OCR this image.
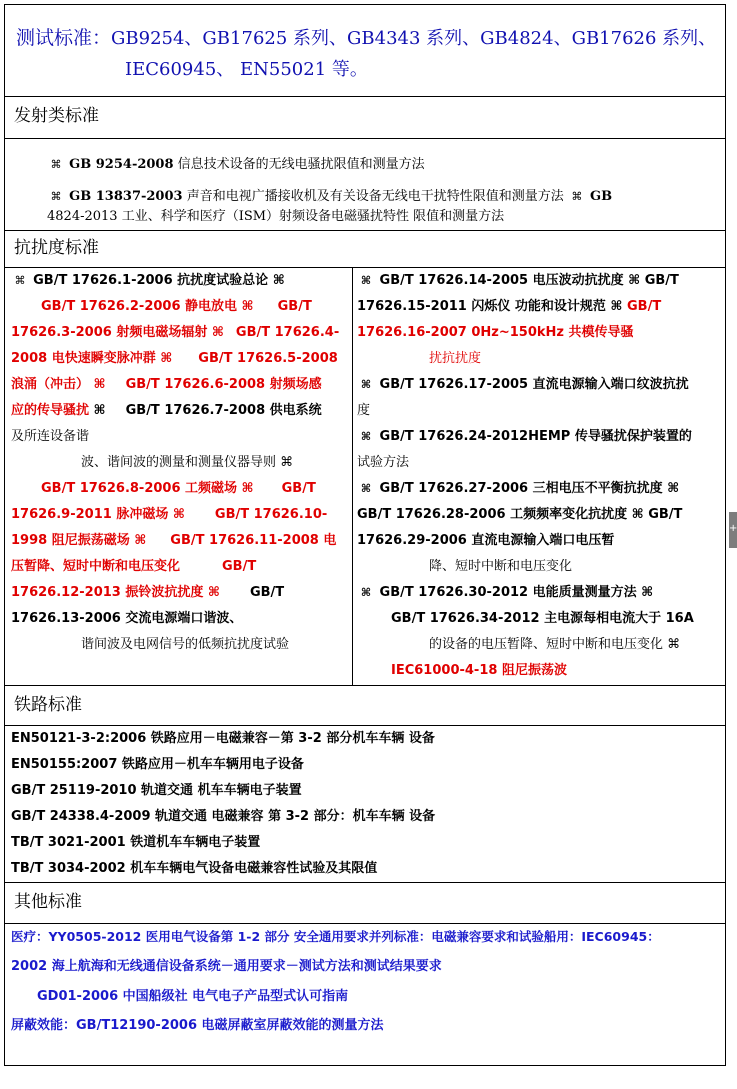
测试标准：GB9254、GB17625 系列、GB4343 系列、GB4824、GB17626 系列、
IEC60945、 EN55021 等。
发射类标准
⌘ GB 9254-2008 信息技术设备的无线电骚扰限值和测量方法
⌘ GB 13837-2003 声音和电视广播接收机及有关设备无线电干扰特性限值和测量方法 ⌘ GB
4824-2013 工业、科学和医疗（ISM）射频设备电磁骚扰特性 限值和测量方法
抗扰度标准
⌘ GB/T 17626.1-2006 抗扰度试验总论 ⌘
GB/T 17626.2-2006 静电放电 ⌘ GB/T
17626.3-2006 射频电磁场辐射 ⌘ GB/T 17626.4-
2008 电快速瞬变脉冲群 ⌘ GB/T 17626.5-2008
浪涌（冲击） ⌘ GB/T 17626.6-2008 射频场感
应的传导骚扰 ⌘ GB/T 17626.7-2008 供电系统
及所连设备谐
波、谐间波的测量和测量仪器导则 ⌘
GB/T 17626.8-2006 工频磁场 ⌘ GB/T
17626.9-2011 脉冲磁场 ⌘ GB/T 17626.10-
1998 阻尼振荡磁场 ⌘ GB/T 17626.11-2008 电
压暂降、短时中断和电压变化	GB/T
17626.12-2013 振铃波抗扰度 ⌘ GB/T
17626.13-2006 交流电源端口谐波、
谐间波及电网信号的低频抗扰度试验
⌘ GB/T 17626.14-2005 电压波动抗扰度 ⌘ GB/T
17626.15-2011 闪烁仪 功能和设计规范 ⌘ GB/T
17626.16-2007 0Hz~150kHz 共模传导骚
扰抗扰度
⌘ GB/T 17626.17-2005 直流电源输入端口纹波抗扰
度
⌘ GB/T 17626.24-2012HEMP 传导骚扰保护装置的
试验方法
⌘ GB/T 17626.27-2006 三相电压不平衡抗扰度 ⌘
GB/T 17626.28-2006 工频频率变化抗扰度 ⌘ GB/T
17626.29-2006 直流电源输入端口电压暂
降、短时中断和电压变化
⌘ GB/T 17626.30-2012 电能质量测量方法 ⌘
GB/T 17626.34-2012 主电源每相电流大于 16A
的设备的电压暂降、短时中断和电压变化 ⌘
IEC61000-4-18 阻尼振荡波
铁路标准
EN50121-3-2:2006 铁路应用－电磁兼容－第 3-2 部分机车车辆 设备
EN50155:2007 铁路应用－机车车辆用电子设备
GB/T 25119-2010 轨道交通 机车车辆电子装置
GB/T 24338.4-2009 轨道交通 电磁兼容 第 3-2 部分：机车车辆 设备
TB/T 3021-2001 铁道机车车辆电子装置
TB/T 3034-2002 机车车辆电气设备电磁兼容性试验及其限值
其他标准
医疗：YY0505-2012 医用电气设备第 1-2 部分 安全通用要求并列标准：电磁兼容要求和试验船用：IEC60945：
2002 海上航海和无线通信设备系统－通用要求－测试方法和测试结果要求
GD01-2006 中国船级社 电气电子产品型式认可指南
屏蔽效能：GB/T12190-2006 电磁屏蔽室屏蔽效能的测量方法
+
